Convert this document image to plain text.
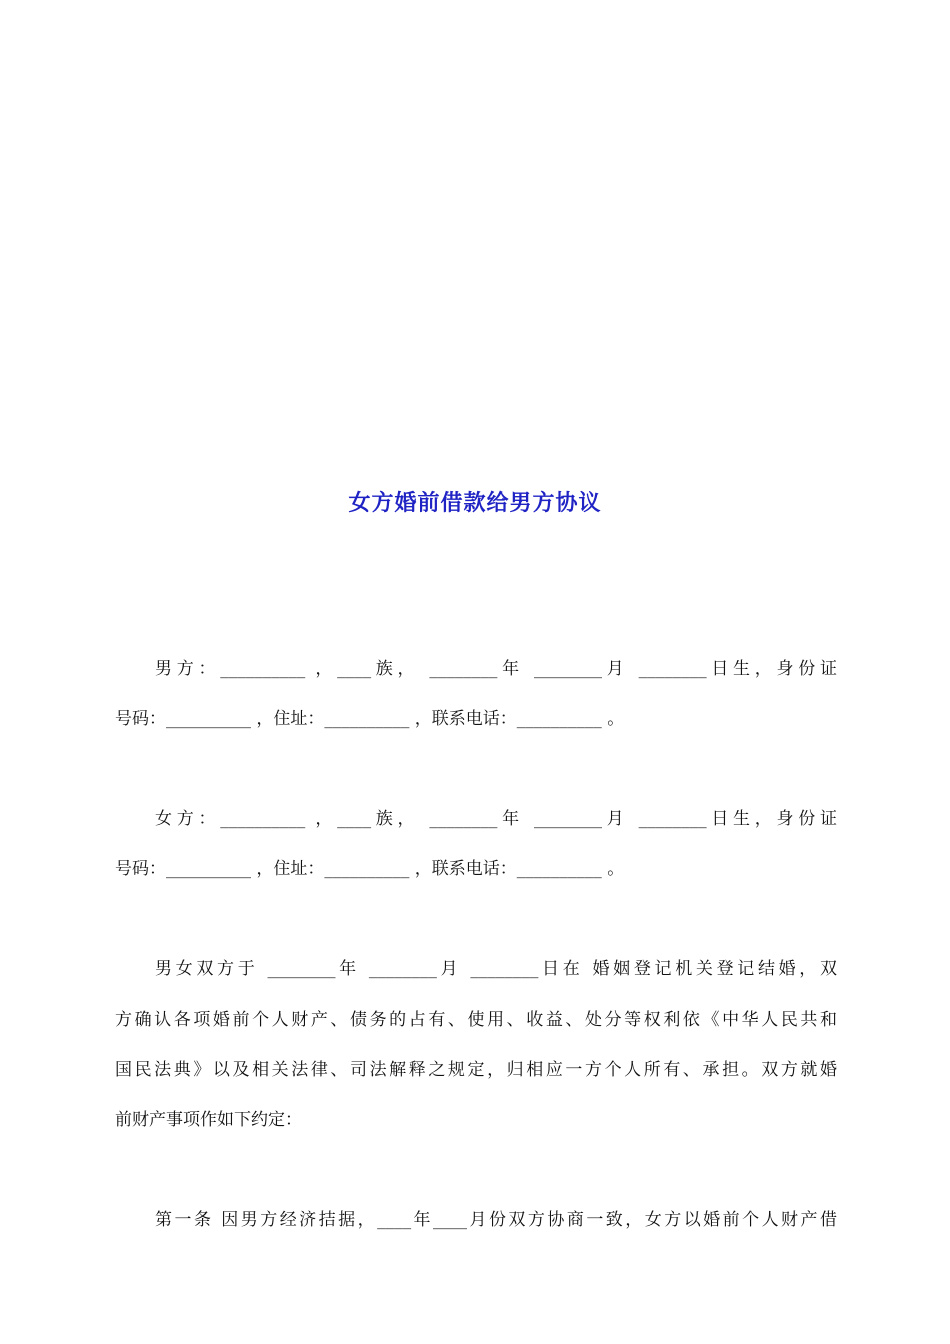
女方婚前借款给男方协议
男方：__________ ，____族， ________年 ________月 ________日生，身份证
号码：__________ ，住址：__________ ，联系电话：__________ 。
女方：__________ ，____族， ________年 ________月 ________日生，身份证
号码：__________ ，住址：__________ ，联系电话：__________ 。
男女双方于 ________年 ________月 ________日在 婚姻登记机关登记结婚，双
方确认各项婚前个人财产、债务的占有、使用、收益、处分等权利依《中华人民共和
国民法典》以及相关法律、司法解释之规定，归相应一方个人所有、承担。双方就婚
前财产事项作如下约定：
第一条 因男方经济拮据，____年____月份双方协商一致，女方以婚前个人财产借
